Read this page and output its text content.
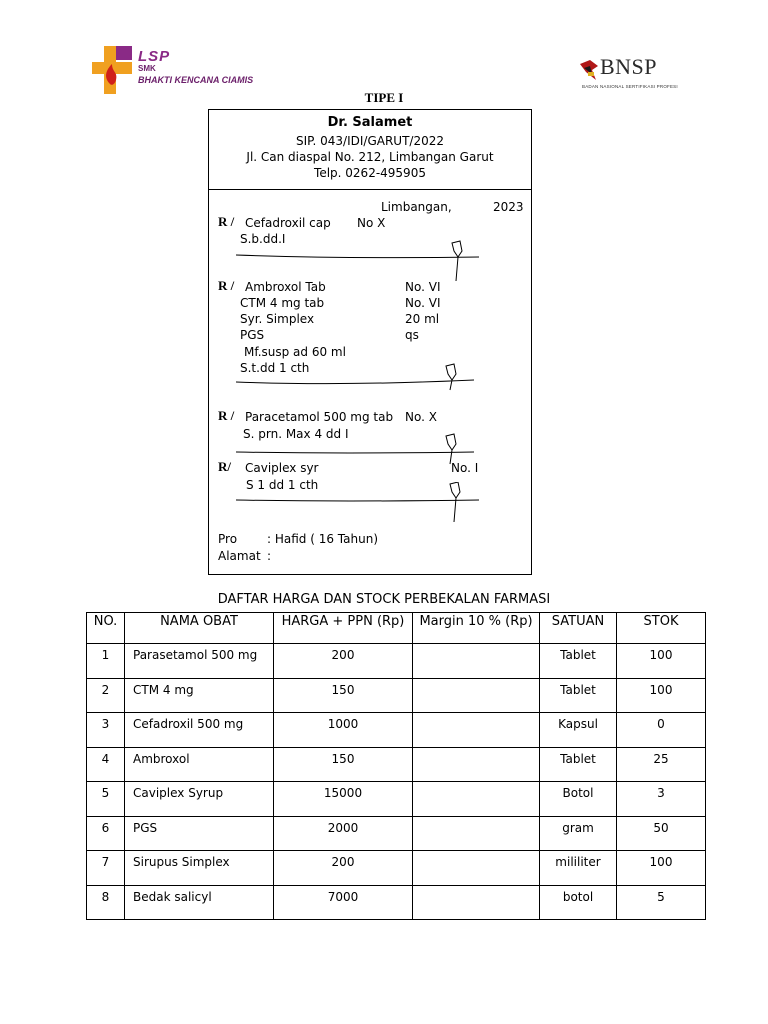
LSP
SMK
BHAKTI KENCANA CIAMIS
BNSP
BADAN NASIONAL SERTIFIKASI PROFESI
TIPE I
Dr. Salamet
SIP. 043/IDI/GARUT/2022
Jl. Can diaspal No. 212, Limbangan Garut
Telp. 0262-495905
Limbangan,	2023
R / Cefadroxil cap No X
S.b.dd.I
R / Ambroxol Tab	No. VI
CTM 4 mg tab	No. VI
Syr. Simplex	20 ml
PGS	qs
Mf.susp ad 60 ml
S.t.dd 1 cth
R / Paracetamol 500 mg tab No. X
S. prn. Max 4 dd I
R/ Caviplex syr	No. I
S 1 dd 1 cth
Pro : Hafid ( 16 Tahun)
Alamat :
DAFTAR HARGA DAN STOCK PERBEKALAN FARMASI
NO.	NAMA OBAT	HARGA + PPN (Rp)	Margin 10 % (Rp)	SATUAN	STOK
1	Parasetamol 500 mg	200		Tablet	100
2	CTM 4 mg	150		Tablet	100
3	Cefadroxil 500 mg	1000		Kapsul	0
4	Ambroxol	150		Tablet	25
5	Caviplex Syrup	15000		Botol	3
6	PGS	2000		gram	50
7	Sirupus Simplex	200		mililiter	100
8	Bedak salicyl	7000		botol	5
